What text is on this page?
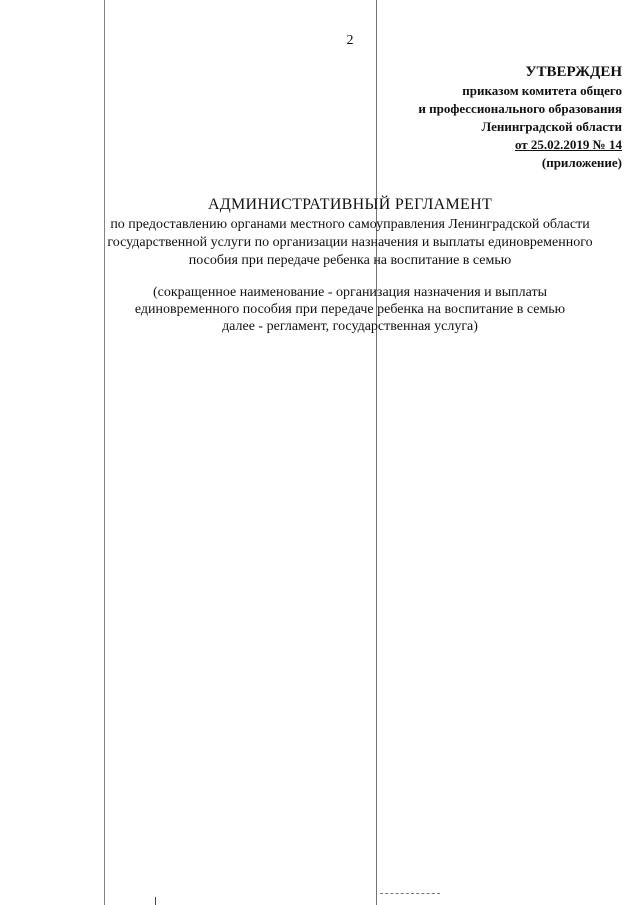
2
УТВЕРЖДЕН
приказом комитета общего
и профессионального образования
Ленинградской области
от 25.02.2019 № 14
(приложение)
АДМИНИСТРАТИВНЫЙ РЕГЛАМЕНТ
по предоставлению органами местного самоуправления Ленинградской области
государственной услуги по организации назначения и выплаты единовременного
пособия при передаче ребенка на воспитание в семью
(сокращенное наименование - организация назначения и выплаты
единовременного пособия при передаче ребенка на воспитание в семью
далее - регламент, государственная услуга)
